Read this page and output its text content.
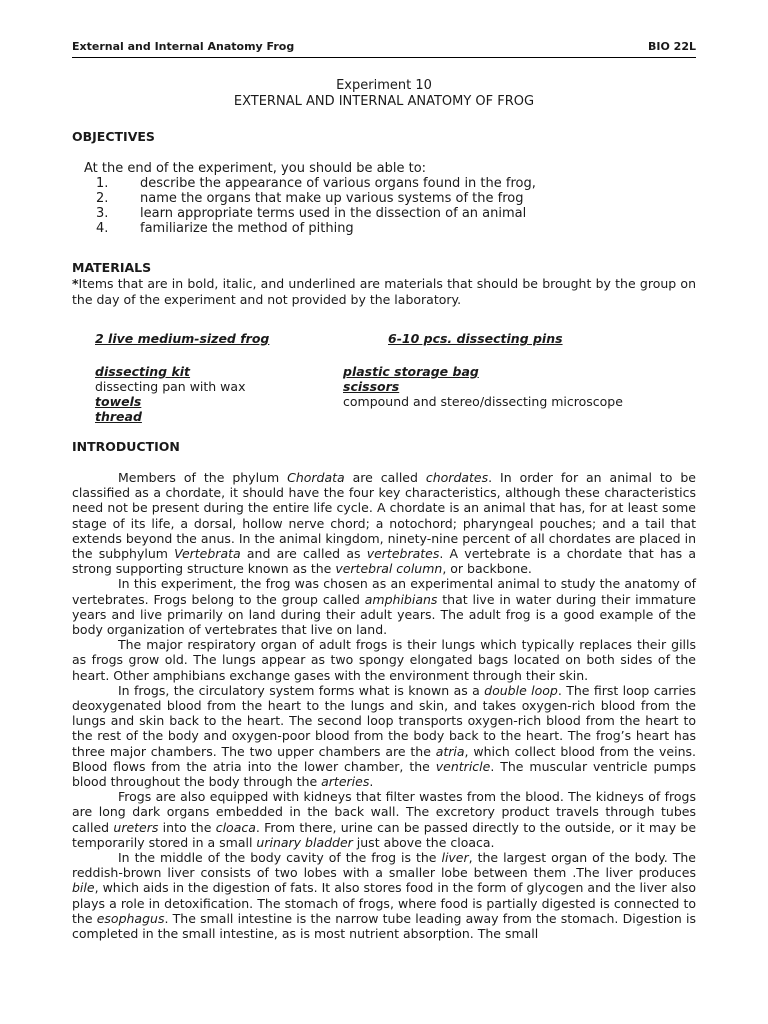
External and Internal Anatomy Frog	BIO 22L
Experiment 10
EXTERNAL AND INTERNAL ANATOMY OF FROG
OBJECTIVES
At the end of the experiment, you should be able to:
1.	describe the appearance of various organs found in the frog,
2.	name the organs that make up various systems of the frog
3.	learn appropriate terms used in the dissection of an animal
4.	familiarize the method of pithing
MATERIALS
*Items that are in bold, italic, and underlined are materials that should be brought by the group on the day of the experiment and not provided by the laboratory.
2 live medium-sized frog	6-10 pcs. dissecting pins
dissecting kit
dissecting pan with wax
towels
thread
plastic storage bag
scissors
compound and stereo/dissecting microscope
INTRODUCTION

Members of the phylum Chordata are called chordates. In order for an animal to be classified as a chordate, it should have the four key characteristics, although these characteristics need not be present during the entire life cycle. A chordate is an animal that has, for at least some stage of its life, a dorsal, hollow nerve chord; a notochord; pharyngeal pouches; and a tail that extends beyond the anus. In the animal kingdom, ninety-nine percent of all chordates are placed in the subphylum Vertebrata and are called as vertebrates. A vertebrate is a chordate that has a strong supporting structure known as the vertebral column, or backbone.

In this experiment, the frog was chosen as an experimental animal to study the anatomy of vertebrates. Frogs belong to the group called amphibians that live in water during their immature years and live primarily on land during their adult years. The adult frog is a good example of the body organization of vertebrates that live on land.

The major respiratory organ of adult frogs is their lungs which typically replaces their gills as frogs grow old. The lungs appear as two spongy elongated bags located on both sides of the heart. Other amphibians exchange gases with the environment through their skin.

In frogs, the circulatory system forms what is known as a double loop. The first loop carries deoxygenated blood from the heart to the lungs and skin, and takes oxygen-rich blood from the lungs and skin back to the heart. The second loop transports oxygen-rich blood from the heart to the rest of the body and oxygen-poor blood from the body back to the heart. The frog’s heart has three major chambers. The two upper chambers are the atria, which collect blood from the veins. Blood flows from the atria into the lower chamber, the ventricle. The muscular ventricle pumps blood throughout the body through the arteries.

Frogs are also equipped with kidneys that filter wastes from the blood. The kidneys of frogs are long dark organs embedded in the back wall. The excretory product travels through tubes called ureters into the cloaca. From there, urine can be passed directly to the outside, or it may be temporarily stored in a small urinary bladder just above the cloaca.

In the middle of the body cavity of the frog is the liver, the largest organ of the body. The reddish-brown liver consists of two lobes with a smaller lobe between them .The liver produces bile, which aids in the digestion of fats. It also stores food in the form of glycogen and the liver also plays a role in detoxification. The stomach of frogs, where food is partially digested is connected to the esophagus. The small intestine is the narrow tube leading away from the stomach. Digestion is completed in the small intestine, as is most nutrient absorption. The small
